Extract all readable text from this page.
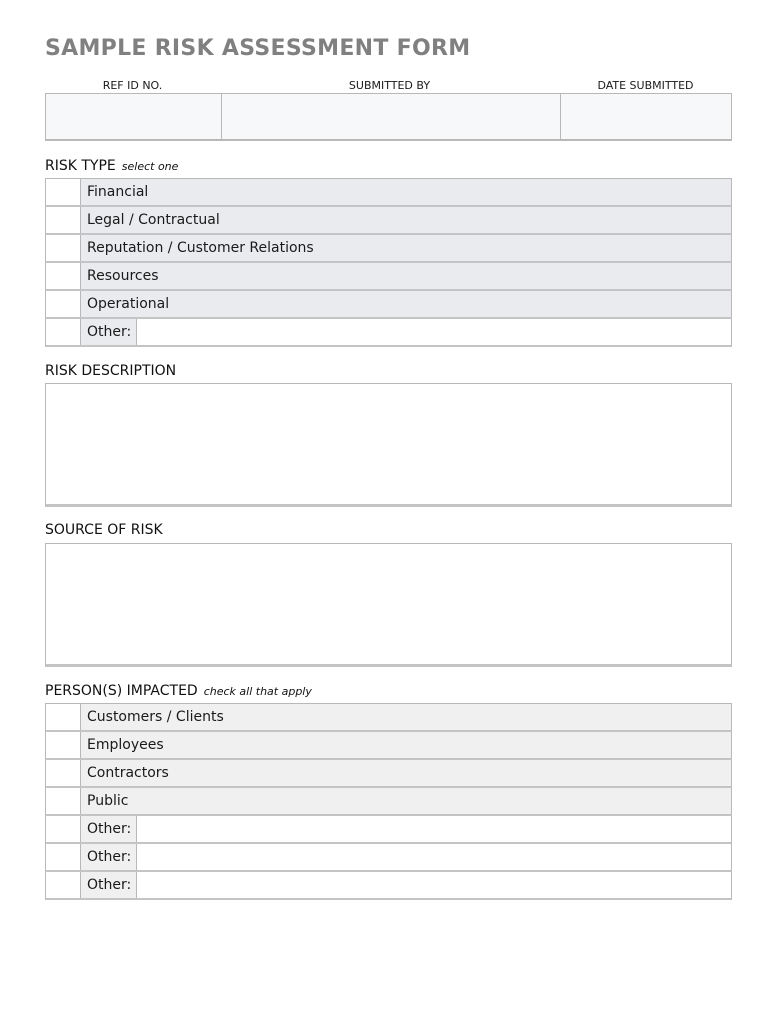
SAMPLE RISK ASSESSMENT FORM
REF ID NO.	SUBMITTED BY	DATE SUBMITTED
RISK TYPE select one
Financial
Legal / Contractual
Reputation / Customer Relations
Resources
Operational
Other:
RISK DESCRIPTION
SOURCE OF RISK
PERSON(S) IMPACTED check all that apply
Customers / Clients
Employees
Contractors
Public
Other:
Other:
Other:
